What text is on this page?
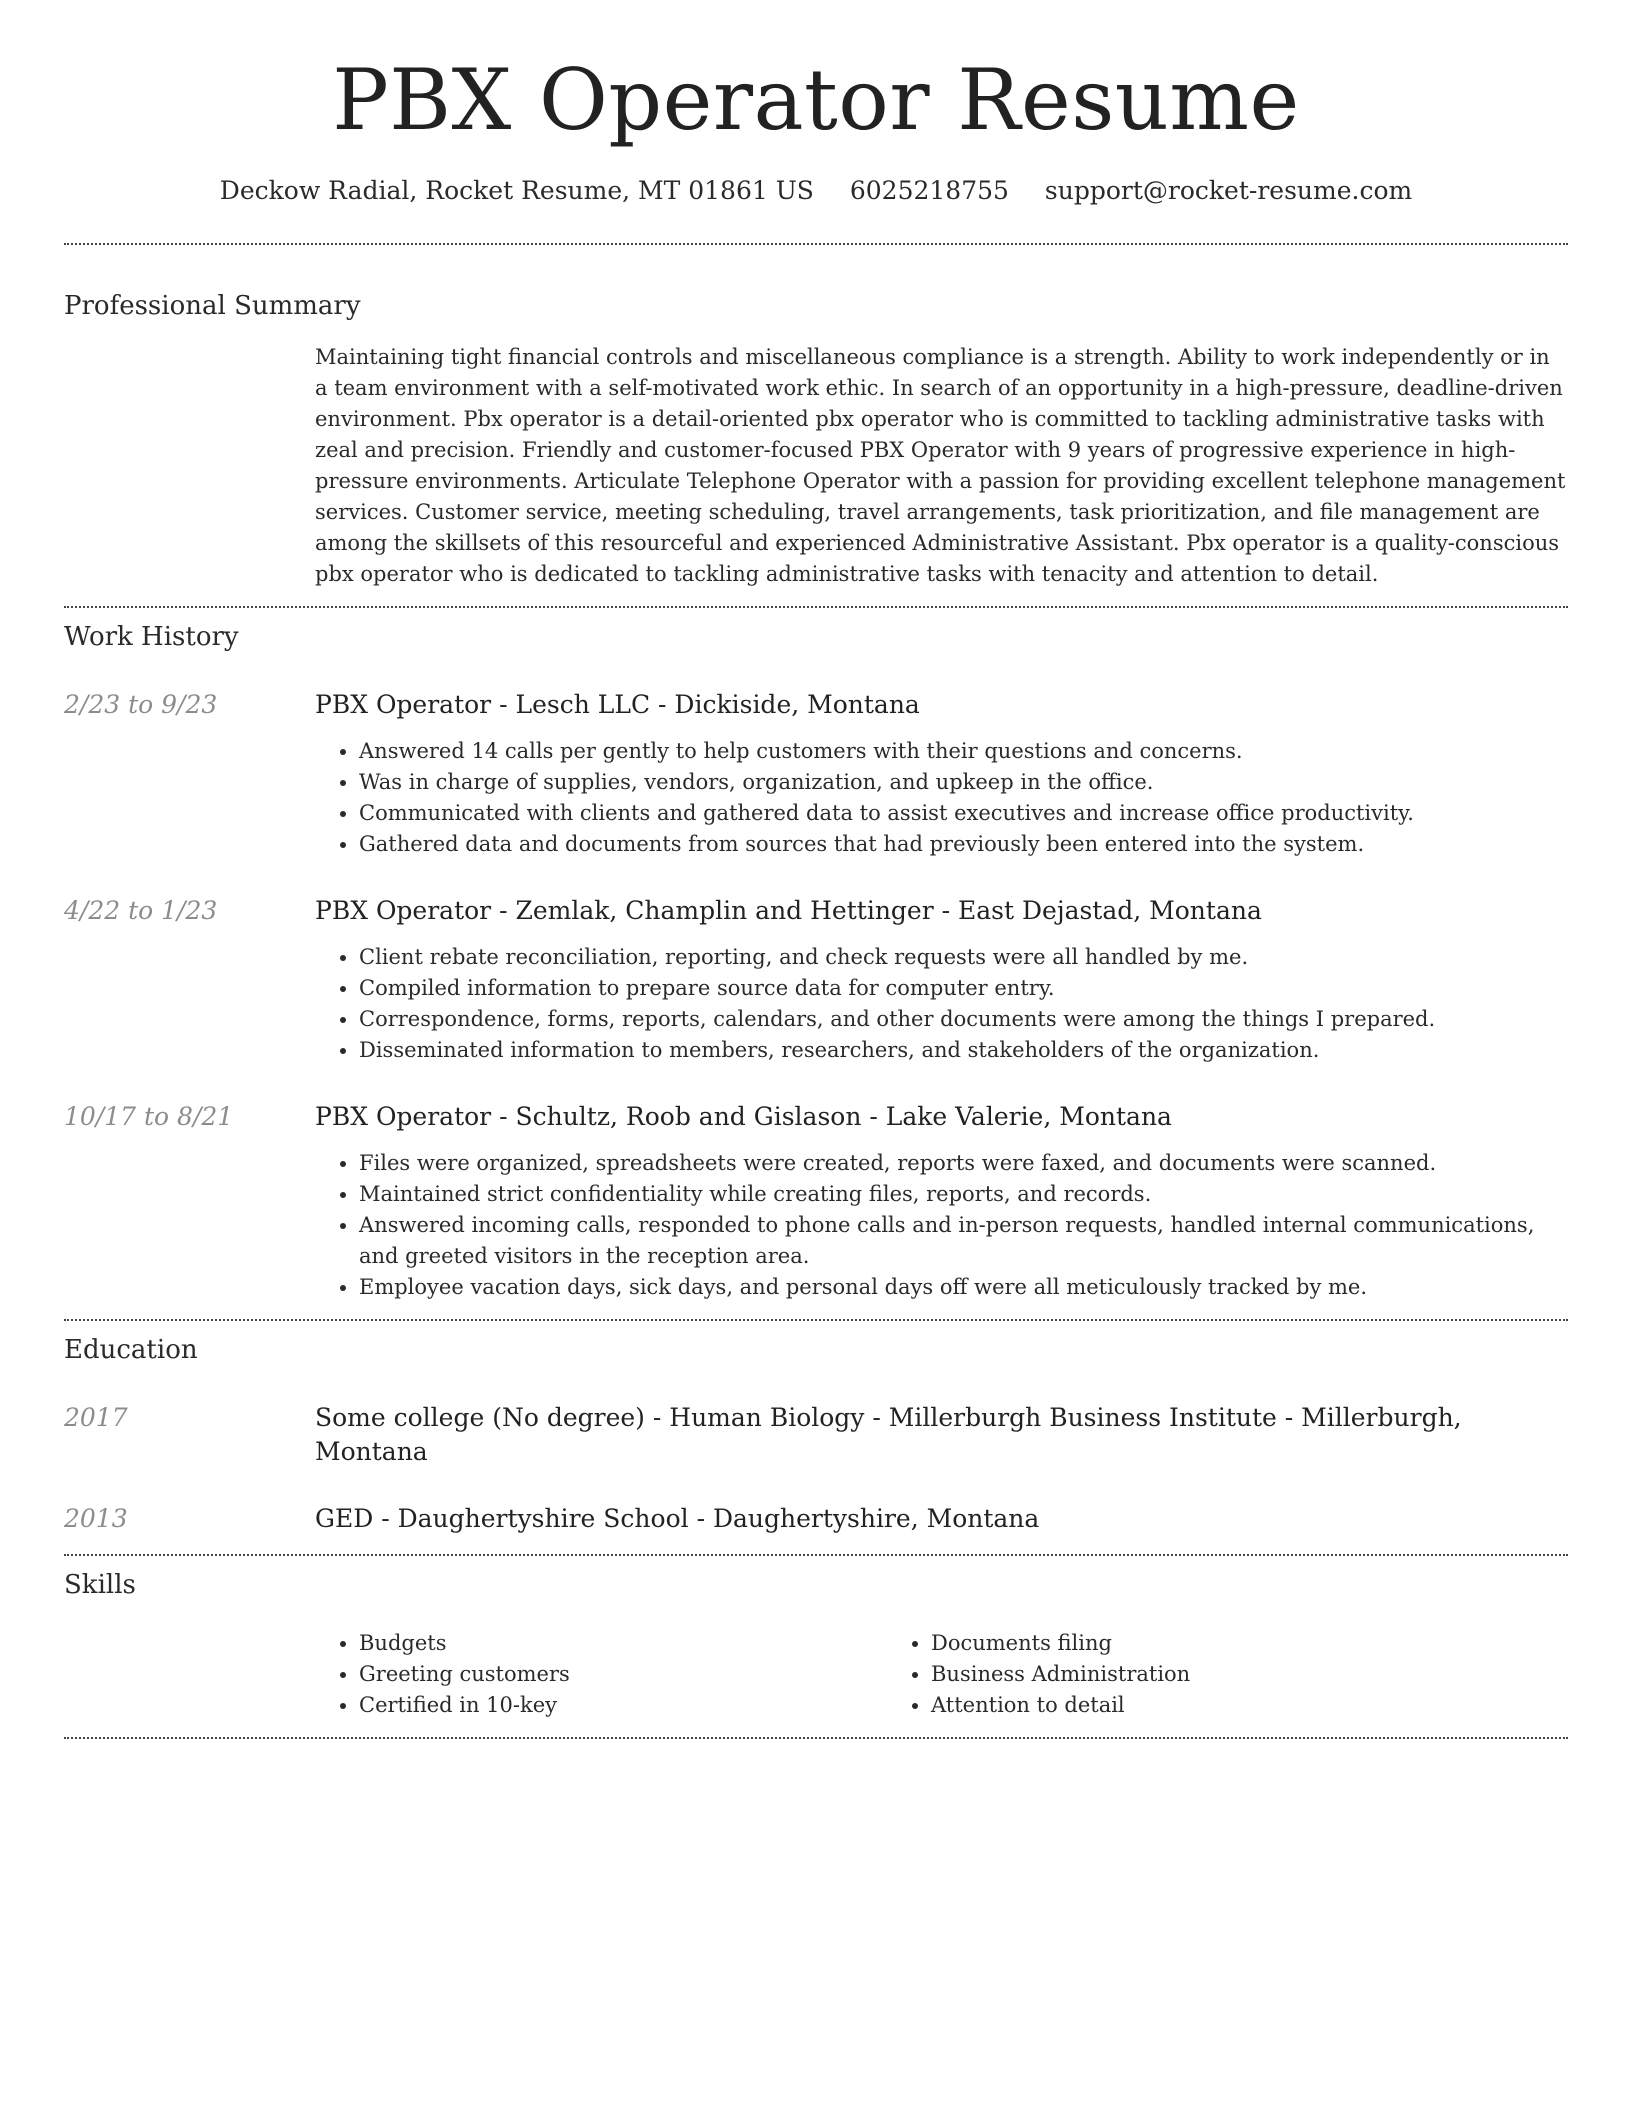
PBX Operator Resume
Deckow Radial, Rocket Resume, MT 01861 US 6025218755 support@rocket-resume.com
Professional Summary
Maintaining tight financial controls and miscellaneous compliance is a strength. Ability to work independently or in a team environment with a self-motivated work ethic. In search of an opportunity in a high-pressure, deadline-driven environment. Pbx operator is a detail-oriented pbx operator who is committed to tackling administrative tasks with zeal and precision. Friendly and customer-focused PBX Operator with 9 years of progressive experience in high-pressure environments. Articulate Telephone Operator with a passion for providing excellent telephone management services. Customer service, meeting scheduling, travel arrangements, task prioritization, and file management are among the skillsets of this resourceful and experienced Administrative Assistant. Pbx operator is a quality-conscious pbx operator who is dedicated to tackling administrative tasks with tenacity and attention to detail.
Work History
2/23 to 9/23	PBX Operator - Lesch LLC - Dickiside, Montana
• Answered 14 calls per gently to help customers with their questions and concerns.
• Was in charge of supplies, vendors, organization, and upkeep in the office.
• Communicated with clients and gathered data to assist executives and increase office productivity.
• Gathered data and documents from sources that had previously been entered into the system.
4/22 to 1/23	PBX Operator - Zemlak, Champlin and Hettinger - East Dejastad, Montana
• Client rebate reconciliation, reporting, and check requests were all handled by me.
• Compiled information to prepare source data for computer entry.
• Correspondence, forms, reports, calendars, and other documents were among the things I prepared.
• Disseminated information to members, researchers, and stakeholders of the organization.
10/17 to 8/21	PBX Operator - Schultz, Roob and Gislason - Lake Valerie, Montana
• Files were organized, spreadsheets were created, reports were faxed, and documents were scanned.
• Maintained strict confidentiality while creating files, reports, and records.
• Answered incoming calls, responded to phone calls and in-person requests, handled internal communications, and greeted visitors in the reception area.
• Employee vacation days, sick days, and personal days off were all meticulously tracked by me.
Education
2017	Some college (No degree) - Human Biology - Millerburgh Business Institute - Millerburgh, Montana
2013	GED - Daughertyshire School - Daughertyshire, Montana
Skills
• Budgets
• Greeting customers
• Certified in 10-key
• Documents filing
• Business Administration
• Attention to detail
